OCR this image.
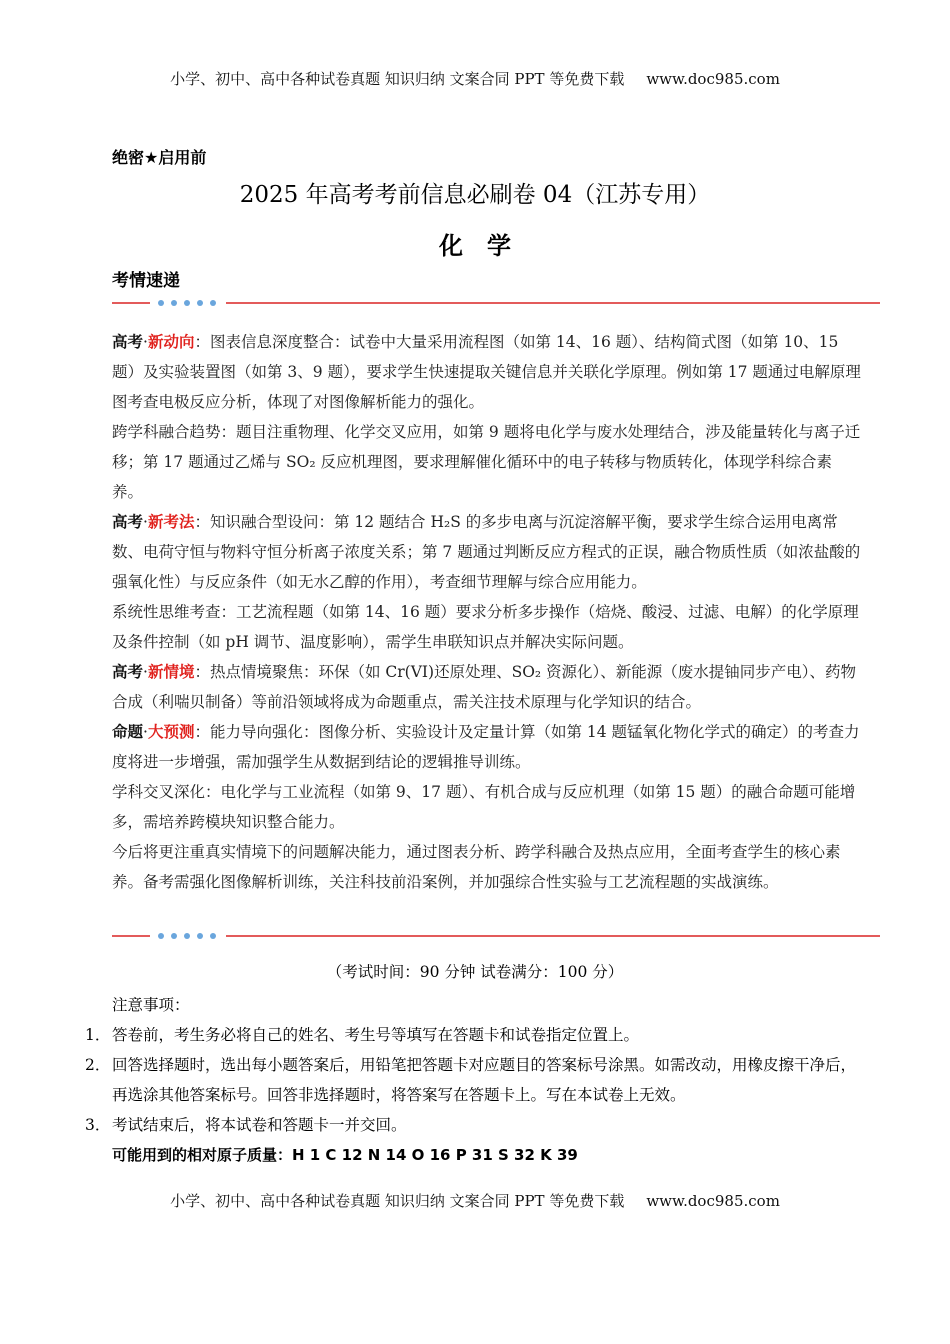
小学、初中、高中各种试卷真题 知识归纳 文案合同 PPT 等免费下载 www.doc985.com
绝密★启用前
2025 年高考考前信息必刷卷 04（江苏专用）
化学
考情速递

高考·新动向：图表信息深度整合：试卷中大量采用流程图（如第 14、16 题）、结构简式图（如第 10、15 题）及实验装置图（如第 3、9 题），要求学生快速提取关键信息并关联化学原理。例如第 17 题通过电解原理图考查电极反应分析，体现了对图像解析能力的强化。

跨学科融合趋势：题目注重物理、化学交叉应用，如第 9 题将电化学与废水处理结合，涉及能量转化与离子迁移；第 17 题通过乙烯与 SO₂ 反应机理图，要求理解催化循环中的电子转移与物质转化，体现学科综合素养。

高考·新考法：知识融合型设问：第 12 题结合 H₂S 的多步电离与沉淀溶解平衡，要求学生综合运用电离常数、电荷守恒与物料守恒分析离子浓度关系；第 7 题通过判断反应方程式的正误，融合物质性质（如浓盐酸的强氧化性）与反应条件（如无水乙醇的作用），考查细节理解与综合应用能力。

系统性思维考查：工艺流程题（如第 14、16 题）要求分析多步操作（焙烧、酸浸、过滤、电解）的化学原理及条件控制（如 pH 调节、温度影响），需学生串联知识点并解决实际问题。

高考·新情境：热点情境聚焦：环保（如 Cr(VI)还原处理、SO₂ 资源化）、新能源（废水提铀同步产电）、药物合成（利喘贝制备）等前沿领域将成为命题重点，需关注技术原理与化学知识的结合。

命题·大预测：能力导向强化：图像分析、实验设计及定量计算（如第 14 题锰氧化物化学式的确定）的考查力度将进一步增强，需加强学生从数据到结论的逻辑推导训练。

学科交叉深化：电化学与工业流程（如第 9、17 题）、有机合成与反应机理（如第 15 题）的融合命题可能增多，需培养跨模块知识整合能力。

今后将更注重真实情境下的问题解决能力，通过图表分析、跨学科融合及热点应用，全面考查学生的核心素养。备考需强化图像解析训练，关注科技前沿案例，并加强综合性实验与工艺流程题的实战演练。

（考试时间：90 分钟 试卷满分：100 分）
注意事项：
1． 答卷前，考生务必将自己的姓名、考生号等填写在答题卡和试卷指定位置上。
2． 回答选择题时，选出每小题答案后，用铅笔把答题卡对应题目的答案标号涂黑。如需改动，用橡皮擦干净后，再选涂其他答案标号。回答非选择题时，将答案写在答题卡上。写在本试卷上无效。
3． 考试结束后，将本试卷和答题卡一并交回。
可能用到的相对原子质量：H 1 C 12 N 14 O 16 P 31 S 32 K 39
小学、初中、高中各种试卷真题 知识归纳 文案合同 PPT 等免费下载 www.doc985.com
